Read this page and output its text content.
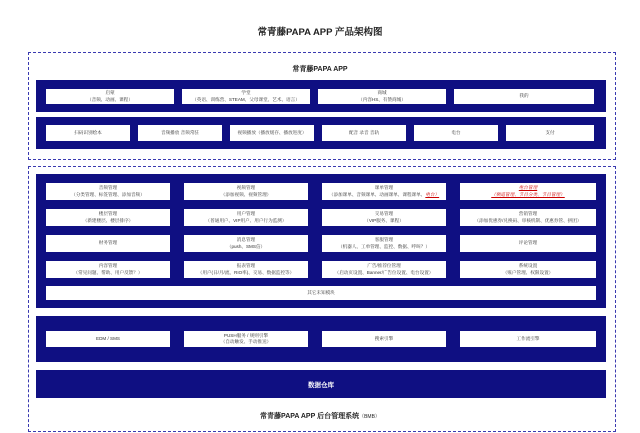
常青藤PAPA APP 产品架构图
常青藤PAPA APP
启蒙
（音频、动画、课程）
学堂
（英语、训练营、STEAM、父母课堂、艺术、语言）
商城
（内容HS、有赞商城）
我的
扫码识别绘本	音频播放 音频常驻	视频播放（播放缓存、播放进度）	配音 录音 音轨	电台	支付
音频管理
（分类管理、标签管理、添加音频）
视频管理
（添加视频、视频管理）
课单管理
（添加课单、音频课单、动画课单、课程课单、电台）
电台管理
（频道管理、节目分类、节目管理）
楼层管理
（新建楼层、楼层排序）
用户管理
（普通用户、VIP用户、用户行为监测）
交易管理
（VIP服务、课程）
营销管理
（添加优惠券/兑换码、审核机制、优惠券管、拼团）
财务管理
消息管理
（push、SMS信）
客服管理
（机器人、工单管理、监控、数据、呼叫？）
评论管理
内容管理
（常见问题、帮助、用户反馈？）
报表管理
（用户(日/月/流、RIO率)、交易、数据监控等）
广告/推荐位管理
（启动页设置、Banner/广告位设置、电台设置）
系统设置
（账户管理、权限设置）
其它未知模块
EDM / SMS
PUSH服务 / 规则引擎
（自动触发、手动推送）
搜索引擎	工作流引擎
数据仓库
常青藤PAPA APP 后台管理系统（BMB）
